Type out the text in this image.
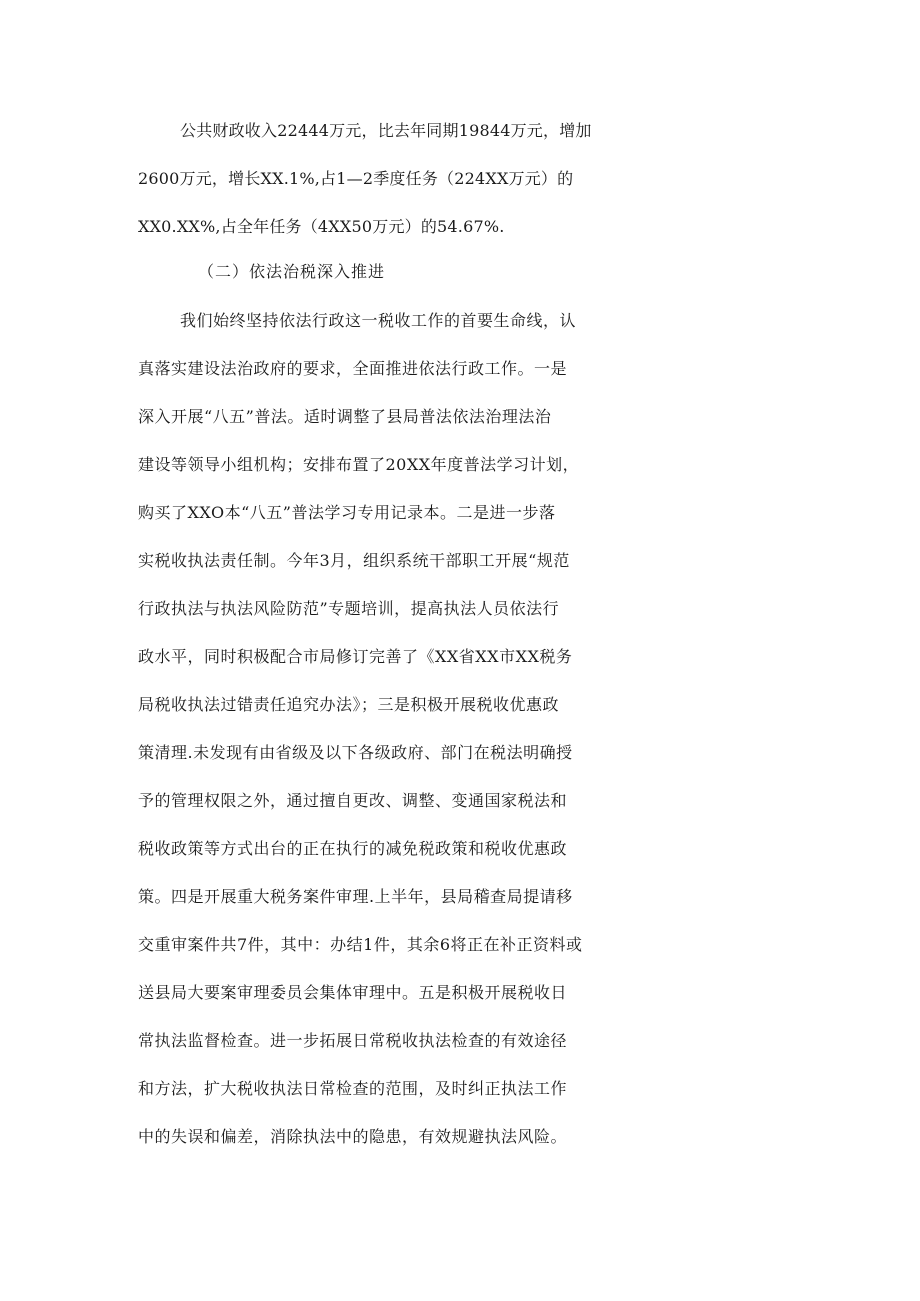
公共财政收入22444万元，比去年同期19844万元，增加
2600万元，增长XX.1%,占1—2季度任务（224XX万元）的
XX0.XX%,占全年任务（4XX50万元）的54.67%.
（二）依法治税深入推进
我们始终坚持依法行政这一税收工作的首要生命线，认
真落实建设法治政府的要求，全面推进依法行政工作。一是
深入开展“八五”普法。适时调整了县局普法依法治理法治
建设等领导小组机构；安排布置了20XX年度普法学习计划，
购买了XXO本“八五”普法学习专用记录本。二是进一步落
实税收执法责任制。今年3月，组织系统干部职工开展“规范
行政执法与执法风险防范”专题培训，提高执法人员依法行
政水平，同时积极配合市局修订完善了《XX省XX市XX税务
局税收执法过错责任追究办法》；三是积极开展税收优惠政
策清理.未发现有由省级及以下各级政府、部门在税法明确授
予的管理权限之外，通过擅自更改、调整、变通国家税法和
税收政策等方式出台的正在执行的减免税政策和税收优惠政
策。四是开展重大税务案件审理.上半年，县局稽查局提请移
交重审案件共7件，其中：办结1件，其余6将正在补正资料或
送县局大要案审理委员会集体审理中。五是积极开展税收日
常执法监督检查。进一步拓展日常税收执法检查的有效途径
和方法，扩大税收执法日常检查的范围，及时纠正执法工作
中的失误和偏差，消除执法中的隐患，有效规避执法风险。
